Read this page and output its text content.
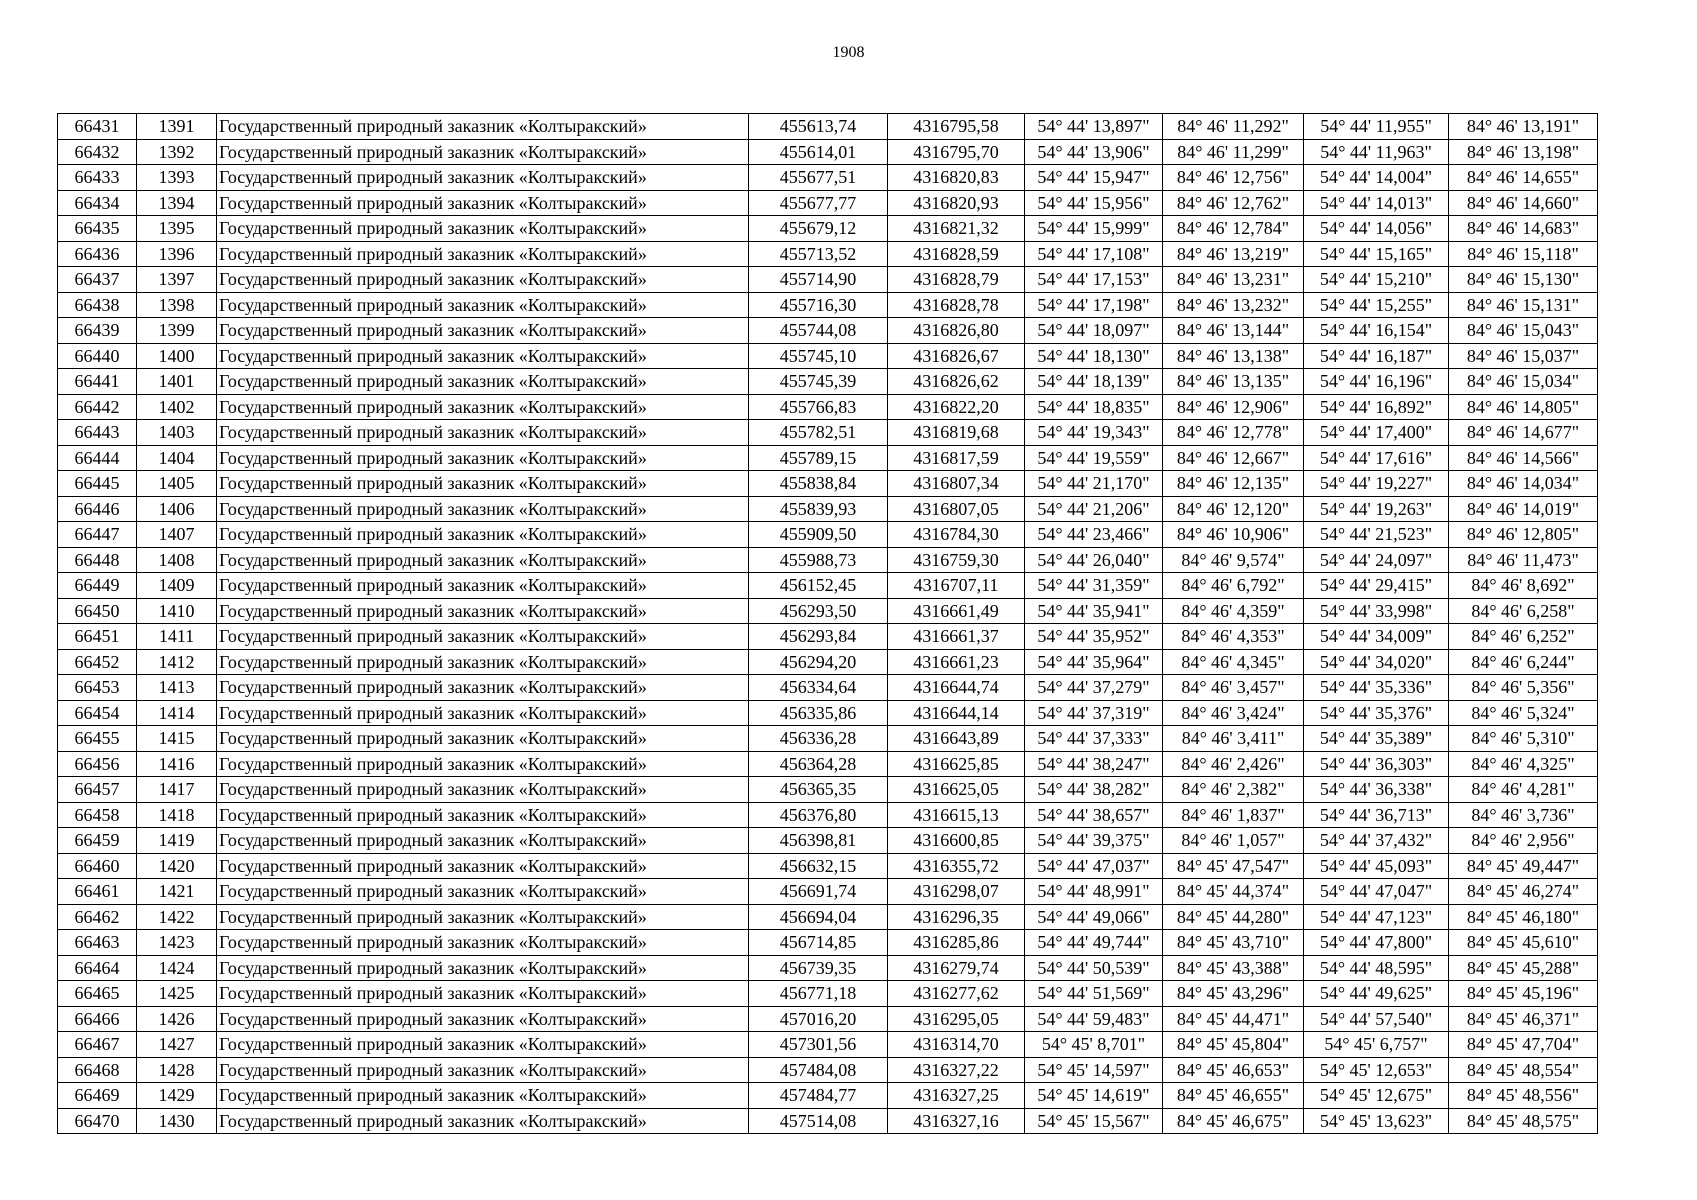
1908
66431	1391	Государственный природный заказник «Колтыракский»	455613,74	4316795,58	54° 44' 13,897"	84° 46' 11,292"	54° 44' 11,955"	84° 46' 13,191"
66432	1392	Государственный природный заказник «Колтыракский»	455614,01	4316795,70	54° 44' 13,906"	84° 46' 11,299"	54° 44' 11,963"	84° 46' 13,198"
66433	1393	Государственный природный заказник «Колтыракский»	455677,51	4316820,83	54° 44' 15,947"	84° 46' 12,756"	54° 44' 14,004"	84° 46' 14,655"
66434	1394	Государственный природный заказник «Колтыракский»	455677,77	4316820,93	54° 44' 15,956"	84° 46' 12,762"	54° 44' 14,013"	84° 46' 14,660"
66435	1395	Государственный природный заказник «Колтыракский»	455679,12	4316821,32	54° 44' 15,999"	84° 46' 12,784"	54° 44' 14,056"	84° 46' 14,683"
66436	1396	Государственный природный заказник «Колтыракский»	455713,52	4316828,59	54° 44' 17,108"	84° 46' 13,219"	54° 44' 15,165"	84° 46' 15,118"
66437	1397	Государственный природный заказник «Колтыракский»	455714,90	4316828,79	54° 44' 17,153"	84° 46' 13,231"	54° 44' 15,210"	84° 46' 15,130"
66438	1398	Государственный природный заказник «Колтыракский»	455716,30	4316828,78	54° 44' 17,198"	84° 46' 13,232"	54° 44' 15,255"	84° 46' 15,131"
66439	1399	Государственный природный заказник «Колтыракский»	455744,08	4316826,80	54° 44' 18,097"	84° 46' 13,144"	54° 44' 16,154"	84° 46' 15,043"
66440	1400	Государственный природный заказник «Колтыракский»	455745,10	4316826,67	54° 44' 18,130"	84° 46' 13,138"	54° 44' 16,187"	84° 46' 15,037"
66441	1401	Государственный природный заказник «Колтыракский»	455745,39	4316826,62	54° 44' 18,139"	84° 46' 13,135"	54° 44' 16,196"	84° 46' 15,034"
66442	1402	Государственный природный заказник «Колтыракский»	455766,83	4316822,20	54° 44' 18,835"	84° 46' 12,906"	54° 44' 16,892"	84° 46' 14,805"
66443	1403	Государственный природный заказник «Колтыракский»	455782,51	4316819,68	54° 44' 19,343"	84° 46' 12,778"	54° 44' 17,400"	84° 46' 14,677"
66444	1404	Государственный природный заказник «Колтыракский»	455789,15	4316817,59	54° 44' 19,559"	84° 46' 12,667"	54° 44' 17,616"	84° 46' 14,566"
66445	1405	Государственный природный заказник «Колтыракский»	455838,84	4316807,34	54° 44' 21,170"	84° 46' 12,135"	54° 44' 19,227"	84° 46' 14,034"
66446	1406	Государственный природный заказник «Колтыракский»	455839,93	4316807,05	54° 44' 21,206"	84° 46' 12,120"	54° 44' 19,263"	84° 46' 14,019"
66447	1407	Государственный природный заказник «Колтыракский»	455909,50	4316784,30	54° 44' 23,466"	84° 46' 10,906"	54° 44' 21,523"	84° 46' 12,805"
66448	1408	Государственный природный заказник «Колтыракский»	455988,73	4316759,30	54° 44' 26,040"	84° 46' 9,574"	54° 44' 24,097"	84° 46' 11,473"
66449	1409	Государственный природный заказник «Колтыракский»	456152,45	4316707,11	54° 44' 31,359"	84° 46' 6,792"	54° 44' 29,415"	84° 46' 8,692"
66450	1410	Государственный природный заказник «Колтыракский»	456293,50	4316661,49	54° 44' 35,941"	84° 46' 4,359"	54° 44' 33,998"	84° 46' 6,258"
66451	1411	Государственный природный заказник «Колтыракский»	456293,84	4316661,37	54° 44' 35,952"	84° 46' 4,353"	54° 44' 34,009"	84° 46' 6,252"
66452	1412	Государственный природный заказник «Колтыракский»	456294,20	4316661,23	54° 44' 35,964"	84° 46' 4,345"	54° 44' 34,020"	84° 46' 6,244"
66453	1413	Государственный природный заказник «Колтыракский»	456334,64	4316644,74	54° 44' 37,279"	84° 46' 3,457"	54° 44' 35,336"	84° 46' 5,356"
66454	1414	Государственный природный заказник «Колтыракский»	456335,86	4316644,14	54° 44' 37,319"	84° 46' 3,424"	54° 44' 35,376"	84° 46' 5,324"
66455	1415	Государственный природный заказник «Колтыракский»	456336,28	4316643,89	54° 44' 37,333"	84° 46' 3,411"	54° 44' 35,389"	84° 46' 5,310"
66456	1416	Государственный природный заказник «Колтыракский»	456364,28	4316625,85	54° 44' 38,247"	84° 46' 2,426"	54° 44' 36,303"	84° 46' 4,325"
66457	1417	Государственный природный заказник «Колтыракский»	456365,35	4316625,05	54° 44' 38,282"	84° 46' 2,382"	54° 44' 36,338"	84° 46' 4,281"
66458	1418	Государственный природный заказник «Колтыракский»	456376,80	4316615,13	54° 44' 38,657"	84° 46' 1,837"	54° 44' 36,713"	84° 46' 3,736"
66459	1419	Государственный природный заказник «Колтыракский»	456398,81	4316600,85	54° 44' 39,375"	84° 46' 1,057"	54° 44' 37,432"	84° 46' 2,956"
66460	1420	Государственный природный заказник «Колтыракский»	456632,15	4316355,72	54° 44' 47,037"	84° 45' 47,547"	54° 44' 45,093"	84° 45' 49,447"
66461	1421	Государственный природный заказник «Колтыракский»	456691,74	4316298,07	54° 44' 48,991"	84° 45' 44,374"	54° 44' 47,047"	84° 45' 46,274"
66462	1422	Государственный природный заказник «Колтыракский»	456694,04	4316296,35	54° 44' 49,066"	84° 45' 44,280"	54° 44' 47,123"	84° 45' 46,180"
66463	1423	Государственный природный заказник «Колтыракский»	456714,85	4316285,86	54° 44' 49,744"	84° 45' 43,710"	54° 44' 47,800"	84° 45' 45,610"
66464	1424	Государственный природный заказник «Колтыракский»	456739,35	4316279,74	54° 44' 50,539"	84° 45' 43,388"	54° 44' 48,595"	84° 45' 45,288"
66465	1425	Государственный природный заказник «Колтыракский»	456771,18	4316277,62	54° 44' 51,569"	84° 45' 43,296"	54° 44' 49,625"	84° 45' 45,196"
66466	1426	Государственный природный заказник «Колтыракский»	457016,20	4316295,05	54° 44' 59,483"	84° 45' 44,471"	54° 44' 57,540"	84° 45' 46,371"
66467	1427	Государственный природный заказник «Колтыракский»	457301,56	4316314,70	54° 45' 8,701"	84° 45' 45,804"	54° 45' 6,757"	84° 45' 47,704"
66468	1428	Государственный природный заказник «Колтыракский»	457484,08	4316327,22	54° 45' 14,597"	84° 45' 46,653"	54° 45' 12,653"	84° 45' 48,554"
66469	1429	Государственный природный заказник «Колтыракский»	457484,77	4316327,25	54° 45' 14,619"	84° 45' 46,655"	54° 45' 12,675"	84° 45' 48,556"
66470	1430	Государственный природный заказник «Колтыракский»	457514,08	4316327,16	54° 45' 15,567"	84° 45' 46,675"	54° 45' 13,623"	84° 45' 48,575"
